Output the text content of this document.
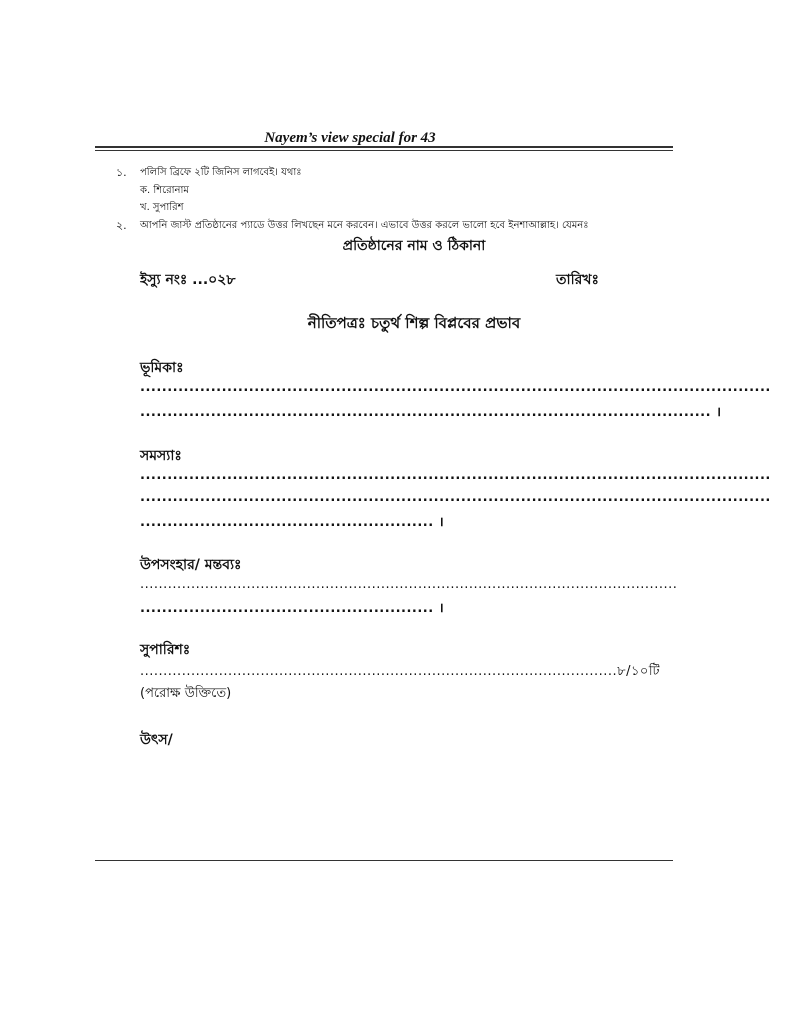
Nayem’s view special for 43
১. পলিসি ব্রিফে ২টি জিনিস লাগবেই। যথাঃ
ক. শিরোনাম
খ. সুপারিশ
২. আপনি জাস্ট প্রতিষ্ঠানের প্যাডে উত্তর লিখছেন মনে করবেন। এভাবে উত্তর করলে ভালো হবে ইনশাআল্লাহ। যেমনঃ
প্রতিষ্ঠানের নাম ও ঠিকানা
ইস্যু নংঃ ...০২৮	তারিখঃ
নীতিপত্রঃ চতুর্থ শিল্প বিপ্লবের প্রভাব
ভূমিকাঃ
....................................................................................................................
......................................................................................................... ।
সমস্যাঃ
....................................................................................................................
....................................................................................................................
...................................................... ।
উপসংহার/ মন্তব্যঃ
....................................................................................................................
...................................................... ।
সুপারিশঃ
.......................................................................................................৮/১০টি
(পরোক্ষ উক্তিতে)
উৎস/
